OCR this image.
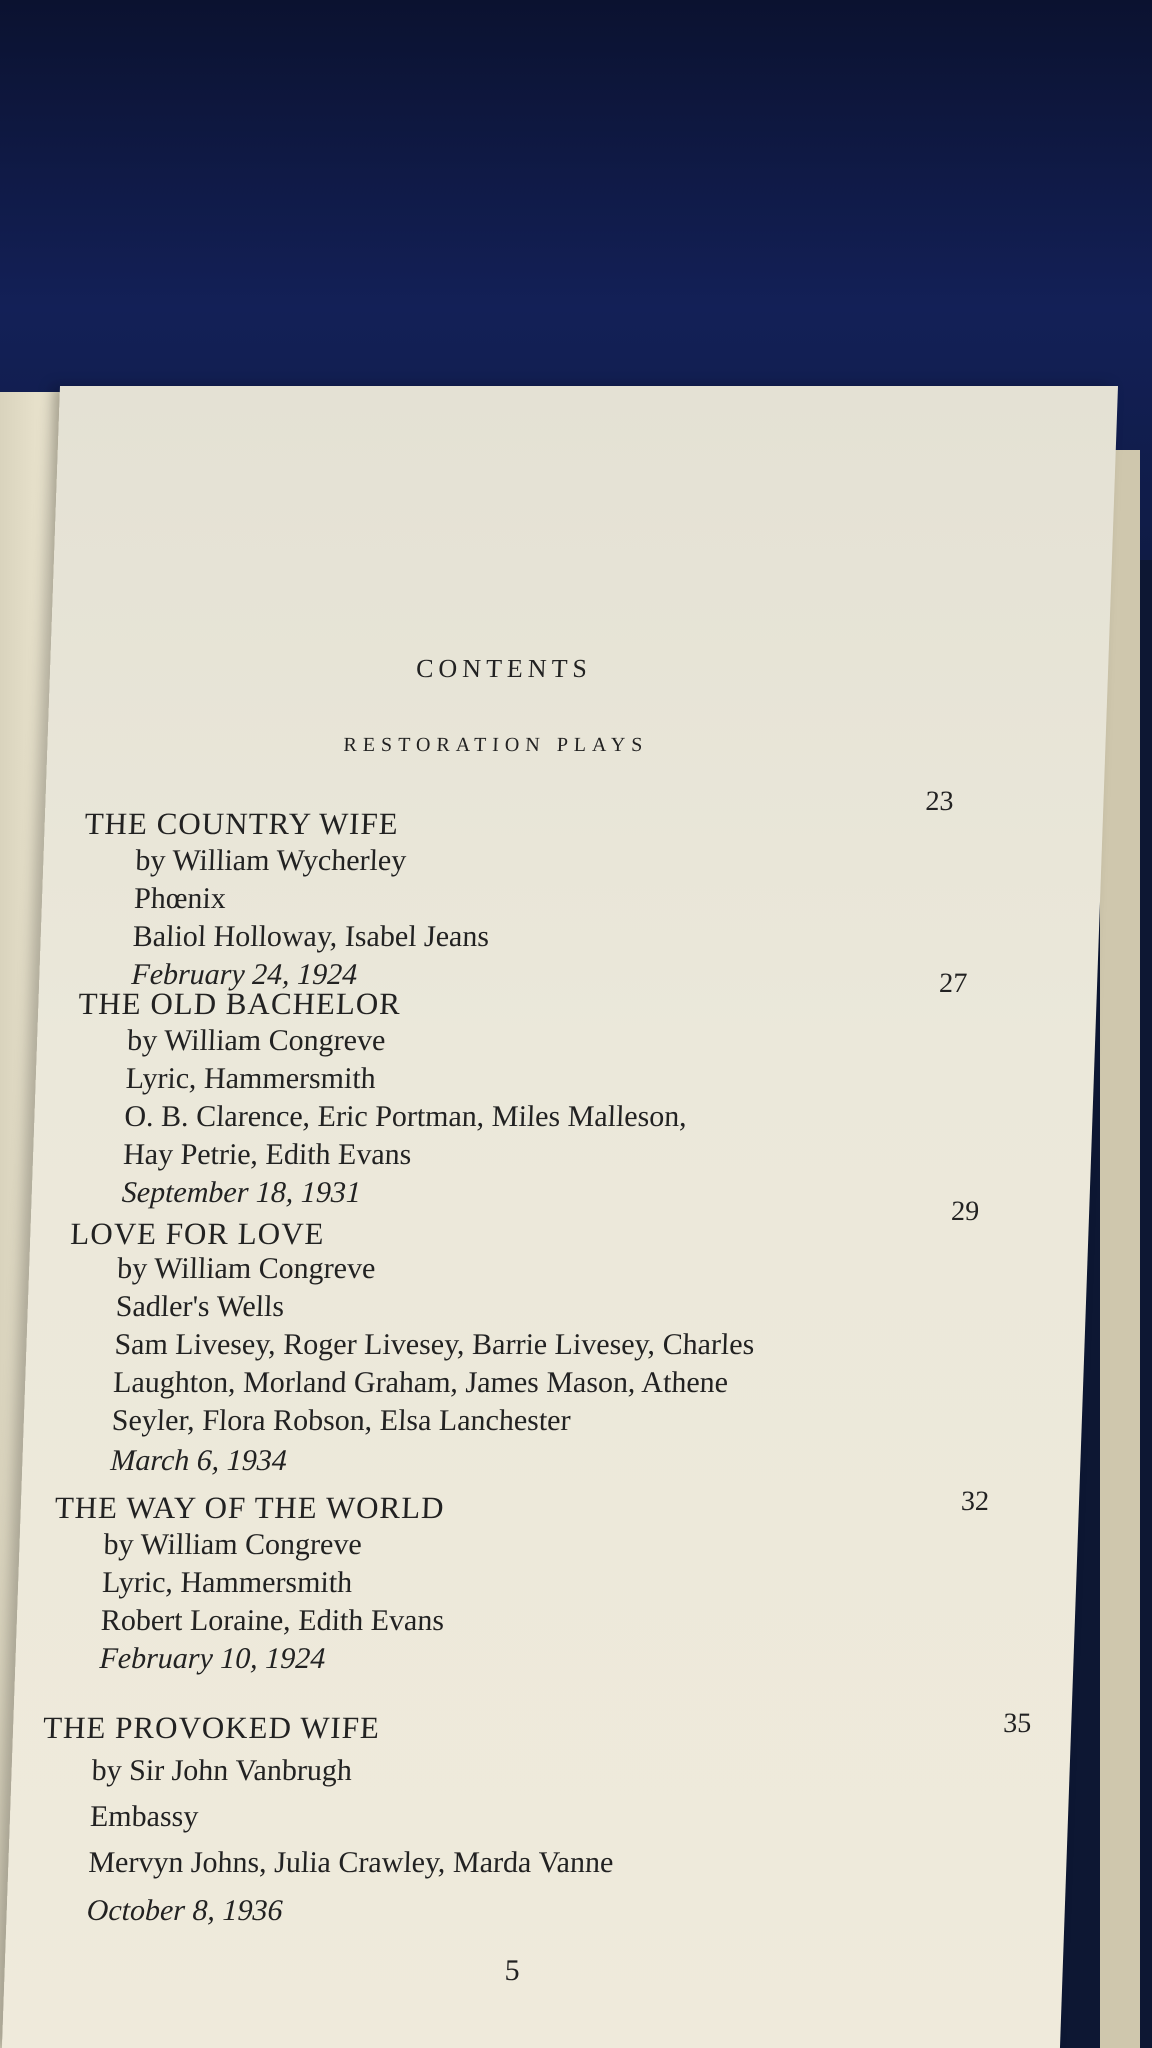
CONTENTS
RESTORATION PLAYS
THE COUNTRY WIFE
23
by William Wycherley
Phœnix
Baliol Holloway, Isabel Jeans
February 24, 1924
THE OLD BACHELOR
27
by William Congreve
Lyric, Hammersmith
O. B. Clarence, Eric Portman, Miles Malleson,
Hay Petrie, Edith Evans
September 18, 1931
LOVE FOR LOVE
29
by William Congreve
Sadler's Wells
Sam Livesey, Roger Livesey, Barrie Livesey, Charles
Laughton, Morland Graham, James Mason, Athene
Seyler, Flora Robson, Elsa Lanchester
March 6, 1934
THE WAY OF THE WORLD	32
by William Congreve
Lyric, Hammersmith
Robert Loraine, Edith Evans
February 10, 1924
THE PROVOKED WIFE	35
by Sir John Vanbrugh
Embassy
Mervyn Johns, Julia Crawley, Marda Vanne
October 8, 1936
5
